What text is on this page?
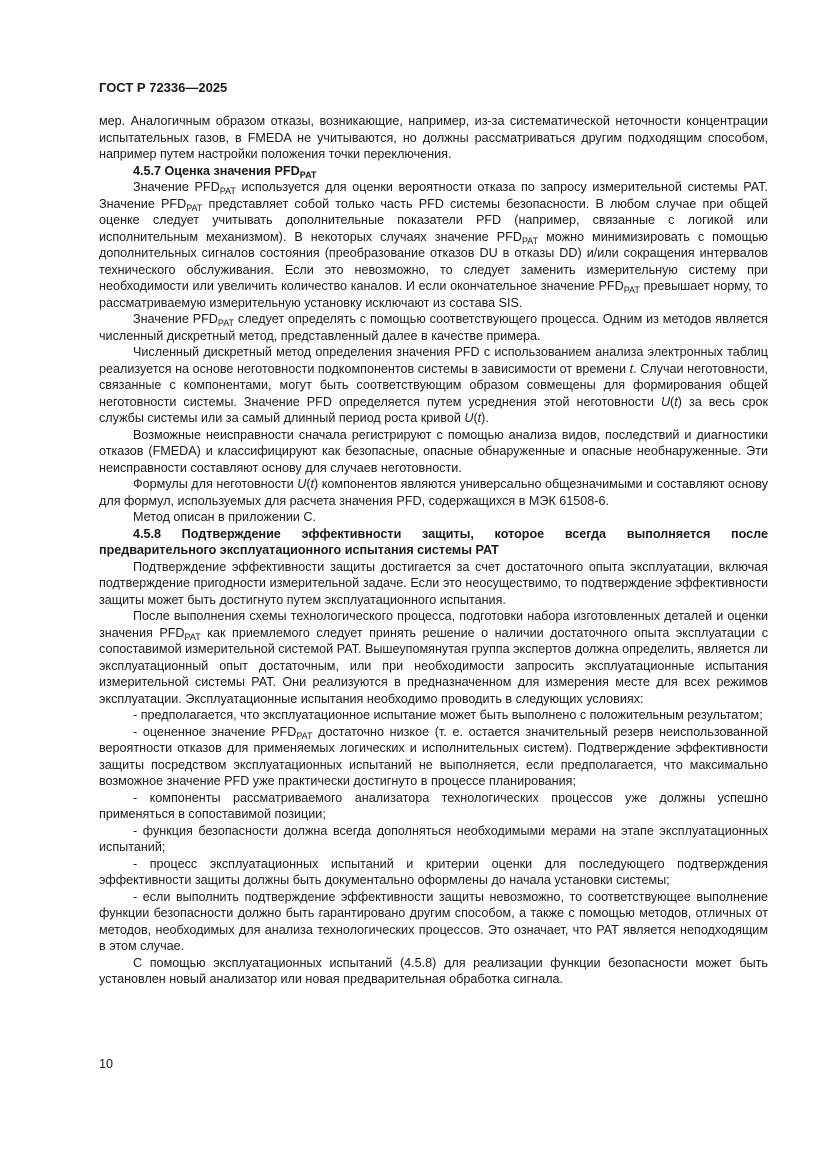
ГОСТ Р 72336—2025

мер. Аналогичным образом отказы, возникающие, например, из-за систематической неточности концентрации испытательных газов, в FMEDA не учитываются, но должны рассматриваться другим подходящим способом, например путем настройки положения точки переключения.

4.5.7 Оценка значения $PFD_{PAT}$

Значение $PFD_{PAT}$ используется для оценки вероятности отказа по запросу измерительной системы PAT. Значение $PFD_{PAT}$ представляет собой только часть PFD системы безопасности. В любом случае при общей оценке следует учитывать дополнительные показатели PFD (например, связанные с логикой или исполнительным механизмом). В некоторых случаях значение $PFD_{PAT}$ можно минимизировать с помощью дополнительных сигналов состояния (преобразование отказов DU в отказы DD) и/или сокращения интервалов технического обслуживания. Если это невозможно, то следует заменить измерительную систему при необходимости или увеличить количество каналов. И если окончательное значение $PFD_{PAT}$ превышает норму, то рассматриваемую измерительную установку исключают из состава SIS.

Значение $PFD_{PAT}$ следует определять с помощью соответствующего процесса. Одним из методов является численный дискретный метод, представленный далее в качестве примера.

Численный дискретный метод определения значения PFD с использованием анализа электронных таблиц реализуется на основе неготовности подкомпонентов системы в зависимости от времени t. Случаи неготовности, связанные с компонентами, могут быть соответствующим образом совмещены для формирования общей неготовности системы. Значение PFD определяется путем усреднения этой неготовности U(t) за весь срок службы системы или за самый длинный период роста кривой U(t).

Возможные неисправности сначала регистрируют с помощью анализа видов, последствий и диагностики отказов (FMEDA) и классифицируют как безопасные, опасные обнаруженные и опасные необнаруженные. Эти неисправности составляют основу для случаев неготовности.

Формулы для неготовности U(t) компонентов являются универсально общезначимыми и составляют основу для формул, используемых для расчета значения PFD, содержащихся в МЭК 61508-6.

Метод описан в приложении С.

4.5.8 Подтверждение эффективности защиты, которое всегда выполняется после предварительного эксплуатационного испытания системы PAT

Подтверждение эффективности защиты достигается за счет достаточного опыта эксплуатации, включая подтверждение пригодности измерительной задаче. Если это неосуществимо, то подтверждение эффективности защиты может быть достигнуто путем эксплуатационного испытания.

После выполнения схемы технологического процесса, подготовки набора изготовленных деталей и оценки значения $PFD_{PAT}$ как приемлемого следует принять решение о наличии достаточного опыта эксплуатации с сопоставимой измерительной системой PAT. Вышеупомянутая группа экспертов должна определить, является ли эксплуатационный опыт достаточным, или при необходимости запросить эксплуатационные испытания измерительной системы PAT. Они реализуются в предназначенном для измерения месте для всех режимов эксплуатации. Эксплуатационные испытания необходимо проводить в следующих условиях:

- предполагается, что эксплуатационное испытание может быть выполнено с положительным результатом;

- оцененное значение $PFD_{PAT}$ достаточно низкое (т. е. остается значительный резерв неиспользованной вероятности отказов для применяемых логических и исполнительных систем). Подтверждение эффективности защиты посредством эксплуатационных испытаний не выполняется, если предполагается, что максимально возможное значение PFD уже практически достигнуто в процессе планирования;

- компоненты рассматриваемого анализатора технологических процессов уже должны успешно применяться в сопоставимой позиции;

- функция безопасности должна всегда дополняться необходимыми мерами на этапе эксплуатационных испытаний;

- процесс эксплуатационных испытаний и критерии оценки для последующего подтверждения эффективности защиты должны быть документально оформлены до начала установки системы;

- если выполнить подтверждение эффективности защиты невозможно, то соответствующее выполнение функции безопасности должно быть гарантировано другим способом, а также с помощью методов, отличных от методов, необходимых для анализа технологических процессов. Это означает, что PAT является неподходящим в этом случае.

С помощью эксплуатационных испытаний (4.5.8) для реализации функции безопасности может быть установлен новый анализатор или новая предварительная обработка сигнала.

10
